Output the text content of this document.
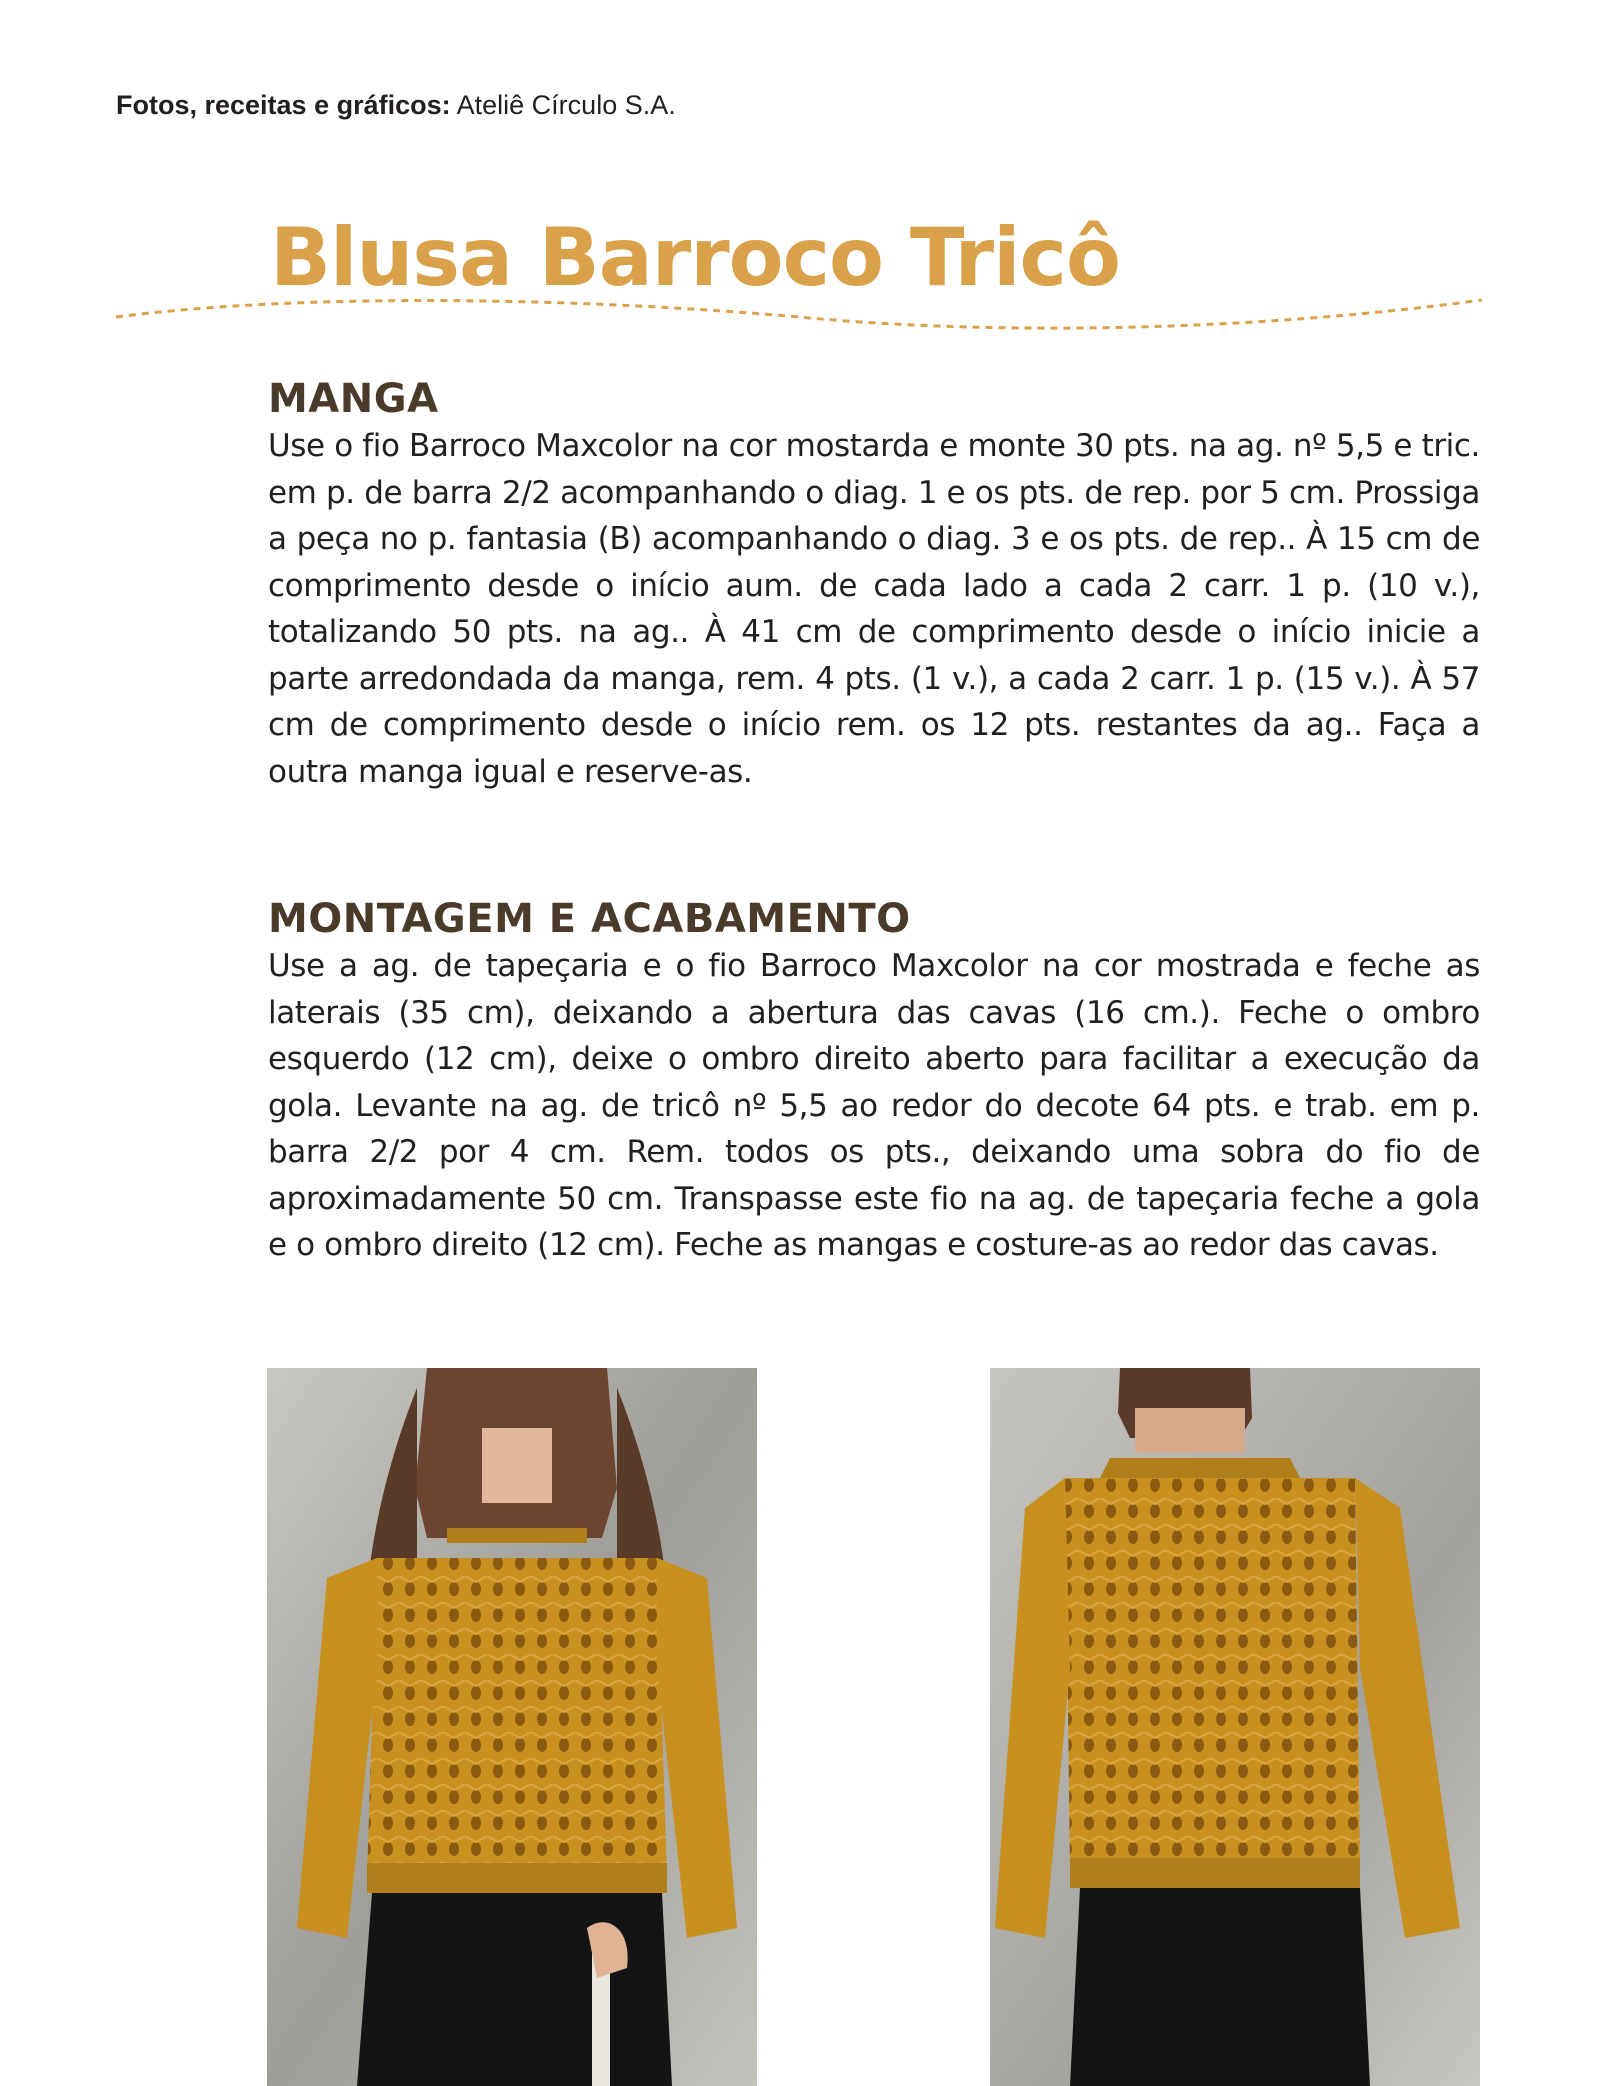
Fotos, receitas e gráficos: Ateliê Círculo S.A.
Blusa Barroco Tricô
MANGA

Use o fio Barroco Maxcolor na cor mostarda e monte 30 pts. na ag. nº 5,5 e tric. em p. de barra 2/2 acompanhando o diag. 1 e os pts. de rep. por 5 cm. Prossiga a peça no p. fantasia (B) acompanhando o diag. 3 e os pts. de rep.. À 15 cm de comprimento desde o início aum. de cada lado a cada 2 carr. 1 p. (10 v.), totalizando 50 pts. na ag.. À 41 cm de comprimento desde o início inicie a parte arredondada da manga, rem. 4 pts. (1 v.), a cada 2 carr. 1 p. (15 v.). À 57 cm de comprimento desde o início rem. os 12 pts. restantes da ag.. Faça a outra manga igual e reserve-as.

MONTAGEM E ACABAMENTO

Use a ag. de tapeçaria e o fio Barroco Maxcolor na cor mostrada e feche as laterais (35 cm), deixando a abertura das cavas (16 cm.). Feche o ombro esquerdo (12 cm), deixe o ombro direito aberto para facilitar a execução da gola. Levante na ag. de tricô nº 5,5 ao redor do decote 64 pts. e trab. em p. barra 2/2 por 4 cm. Rem. todos os pts., deixando uma sobra do fio de aproximadamente 50 cm. Transpasse este fio na ag. de tapeçaria feche a gola e o ombro direito (12 cm). Feche as mangas e costure-as ao redor das cavas.
